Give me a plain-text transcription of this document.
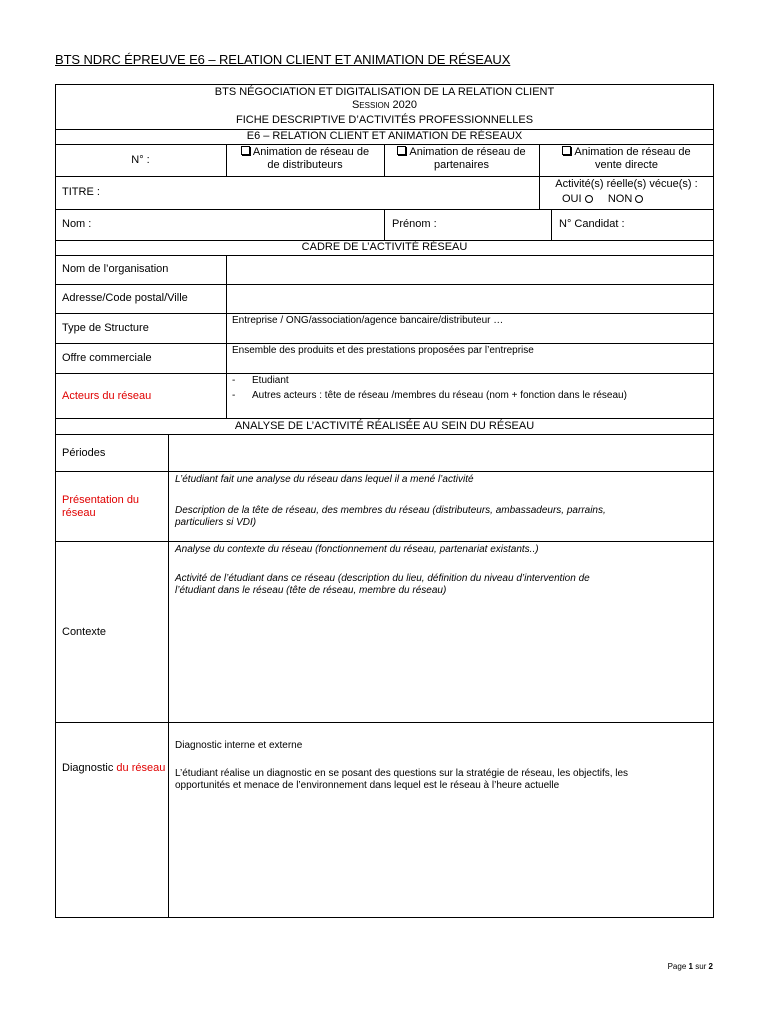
BTS NDRC ÉPREUVE E6 – RELATION CLIENT ET ANIMATION DE RÉSEAUX
BTS NÉGOCIATION ET DIGITALISATION DE LA RELATION CLIENT
Session 2020
FICHE DESCRIPTIVE D’ACTIVITÉS PROFESSIONNELLES
E6 – RELATION CLIENT ET ANIMATION DE RÉSEAUX
N° :
Animation de réseau de
de distributeurs
Animation de réseau de
partenaires
Animation de réseau de
vente directe
TITRE :
Activité(s) réelle(s) vécue(s) :
OUI NON
Nom :	Prénom :	N° Candidat :
CADRE DE L’ACTIVITÉ RÉSEAU
Nom de l’organisation
Adresse/Code postal/Ville
Type de Structure
Entreprise / ONG/association/agence bancaire/distributeur …
Offre commerciale
Ensemble des produits et des prestations proposées par l’entreprise
Acteurs du réseau
-      Etudiant
-      Autres acteurs : tête de réseau /membres du réseau (nom + fonction dans le réseau)
ANALYSE DE L’ACTIVITÉ RÉALISÉE AU SEIN DU RÉSEAU
Périodes
Présentation du
réseau
L’étudiant fait une analyse du réseau dans lequel il a mené l’activité
Description de la tête de réseau, des membres du réseau (distributeurs, ambassadeurs, parrains,
particuliers si VDI)
Contexte
Analyse du contexte du réseau (fonctionnement du réseau, partenariat existants..)
Activité de l’étudiant dans ce réseau (description du lieu, définition du niveau d’intervention de
l’étudiant dans le réseau (tête de réseau, membre du réseau)
Diagnostic du réseau
Diagnostic interne et externe
L’étudiant réalise un diagnostic en se posant des questions sur la stratégie de réseau, les objectifs, les
opportunités et menace de l’environnement dans lequel est le réseau à l’heure actuelle
Page 1 sur 2
